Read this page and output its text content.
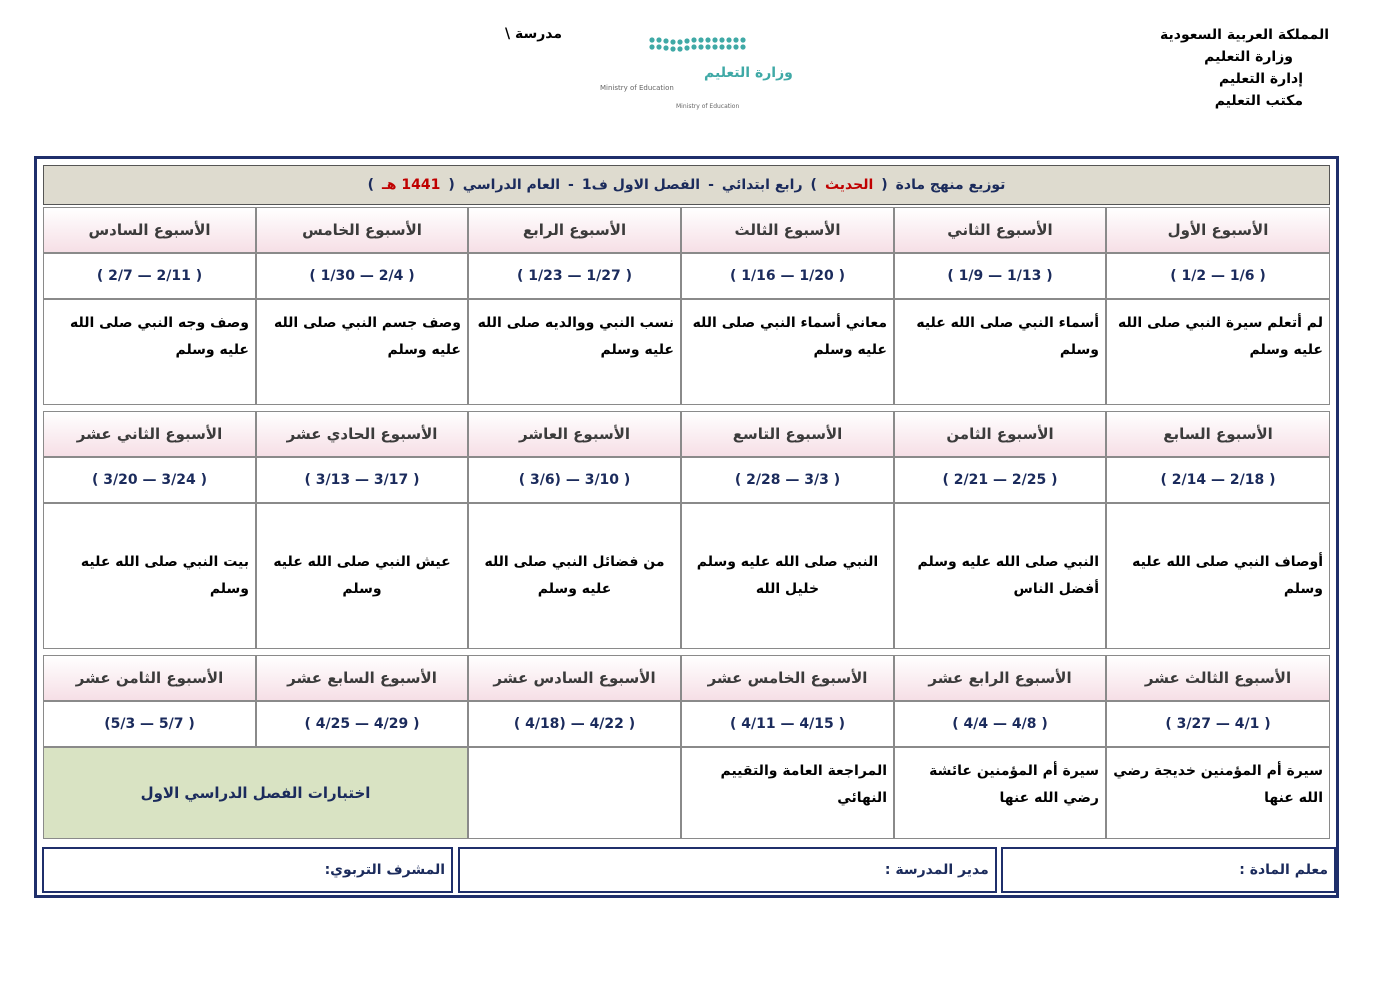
المملكة العربية السعودية
وزارة التعليم
إدارة التعليم
مكتب التعليم
مدرسة \
وزارة التعليم
Ministry of Education
Ministry of Education
توزيع منهج مادة
(
الحديث
)
رابع ابتدائي
-
الفصل الاول ف1
-
العام الدراسي
(
1441 هـ
)
الأسبوع الأول
الأسبوع الثاني
الأسبوع الثالث
الأسبوع الرابع
الأسبوع الخامس
الأسبوع السادس
( 1/2 — 1/6 )
( 1/9 — 1/13 )
( 1/16 — 1/20 )
( 1/23 — 1/27 )
( 1/30 — 2/4 )
( 2/7 — 2/11 )
لم أتعلم سيرة النبي صلى الله عليه وسلم
أسماء النبي صلى الله عليه وسلم
معاني أسماء النبي صلى الله عليه وسلم
نسب النبي ووالديه صلى الله عليه وسلم
وصف جسم النبي صلى الله عليه وسلم
وصف وجه النبي صلى الله عليه وسلم
الأسبوع السابع
الأسبوع الثامن
الأسبوع التاسع
الأسبوع العاشر
الأسبوع الحادي عشر
الأسبوع الثاني عشر
( 2/14 — 2/18 )
( 2/21 — 2/25 )
( 2/28 — 3/3 )
( 3/6) — 3/10 )
( 3/13 — 3/17 )
( 3/20 — 3/24 )
أوصاف النبي صلى الله عليه وسلم
النبي صلى الله عليه وسلم أفضل الناس
النبي صلى الله عليه وسلم خليل الله
من فضائل النبي صلى الله عليه وسلم
عيش النبي صلى الله عليه وسلم
بيت النبي صلى الله عليه وسلم
الأسبوع الثالث عشر
الأسبوع الرابع عشر
الأسبوع الخامس عشر
الأسبوع السادس عشر
الأسبوع السابع عشر
الأسبوع الثامن عشر
( 3/27 — 4/1 )
( 4/4 — 4/8 )
( 4/11 — 4/15 )
( 4/18) — 4/22 )
( 4/25 — 4/29 )
(5/3 — 5/7 )
سيرة أم المؤمنين خديجة رضي الله عنها
سيرة أم المؤمنين عائشة رضي الله عنها
المراجعة العامة والتقييم النهائي
اختبارات الفصل الدراسي الاول
معلم المادة :
مدير المدرسة :
المشرف التربوي:
